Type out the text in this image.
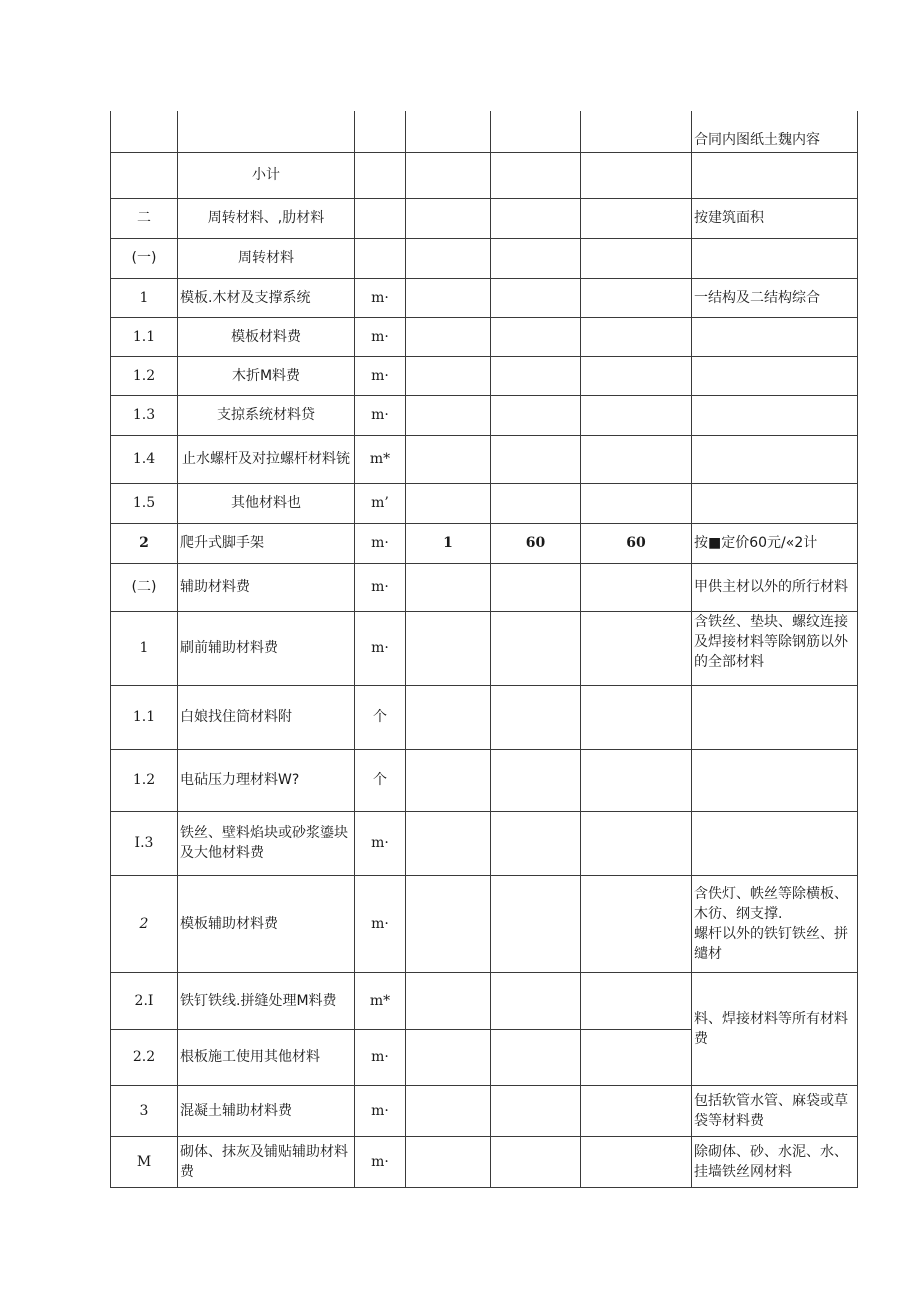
						合同内图纸土魏内容
	小计					
二	周转材料、,肋材料					按建筑面积
(一)	周转材料					
1	模板.木材及支撑系统	m·				一结构及二结构综合
1.1	模板材料费	m·				
1.2	木折M料费	m·				
1.3	支掠系统材料贷	m·				
1.4	止水螺杆及对拉螺杆材料铳	m*				
1.5	其他材料也	m’				
2	爬升式脚手架	m·	1	60	60	按■定价60元/«2计
(二)	辅助材料费	m·				甲供主材以外的所行材料
1	刷前辅助材料费	m·				含铁丝、垫块、螺纹连接及焊接材料等除钢筋以外的全部材料
1.1	白娘找住筒材料附	个				
1.2	电砧压力理材料W?	个				
I.3	铁丝、壁料焰块或砂浆鎏块及大他材料费	m·				
2	模板辅助材料费	m·				含佚灯、帙丝等除横板、木彷、纲支撑.
螺杆以外的铁钉铁丝、拼缱材
2.I	铁钉铁线.拼缝处理M料费	m*				料、焊接材料等所有材料费
2.2	根板施工使用其他材料	m·				
3	混凝土辅助材料费	m·				包括软管水管、麻袋或草袋等材料费
M	砌体、抹灰及铺贴辅助材料费	m·				除砌体、砂、水泥、水、挂墙铁丝网材料
